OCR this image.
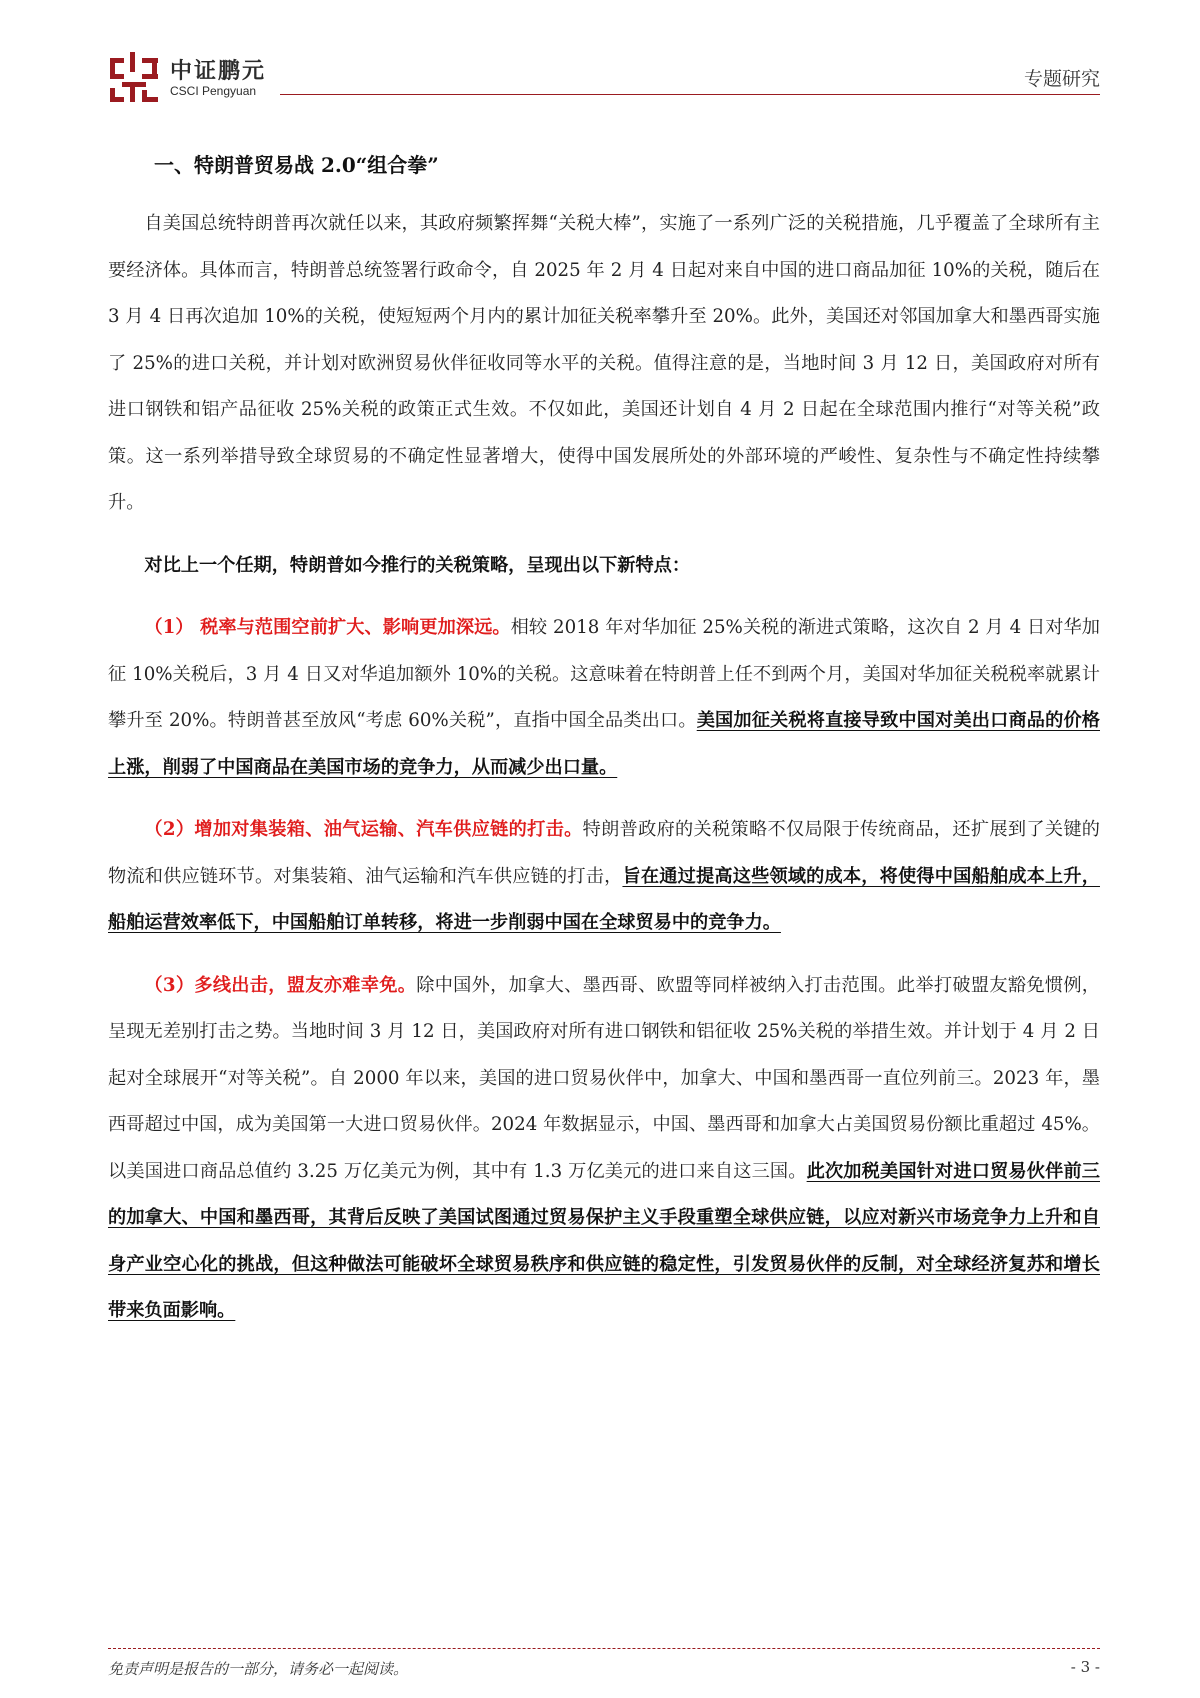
中证鹏元
CSCI Pengyuan
专题研究
一、特朗普贸易战 2.0“组合拳”

自美国总统特朗普再次就任以来，其政府频繁挥舞“关税大棒”，实施了一系列广泛的关税措施，几乎覆盖了全球所有主要经济体。具体而言，特朗普总统签署行政命令，自 2025 年 2 月 4 日起对来自中国的进口商品加征 10%的关税，随后在 3 月 4 日再次追加 10%的关税，使短短两个月内的累计加征关税率攀升至 20%。此外，美国还对邻国加拿大和墨西哥实施了 25%的进口关税，并计划对欧洲贸易伙伴征收同等水平的关税。值得注意的是，当地时间 3 月 12 日，美国政府对所有进口钢铁和铝产品征收 25%关税的政策正式生效。不仅如此，美国还计划自 4 月 2 日起在全球范围内推行“对等关税”政策。这一系列举措导致全球贸易的不确定性显著增大，使得中国发展所处的外部环境的严峻性、复杂性与不确定性持续攀升。

对比上一个任期，特朗普如今推行的关税策略，呈现出以下新特点：

（1） 税率与范围空前扩大、影响更加深远。相较 2018 年对华加征 25%关税的渐进式策略，这次自 2 月 4 日对华加征 10%关税后，3 月 4 日又对华追加额外 10%的关税。这意味着在特朗普上任不到两个月，美国对华加征关税税率就累计攀升至 20%。特朗普甚至放风“考虑 60%关税”，直指中国全品类出口。美国加征关税将直接导致中国对美出口商品的价格上涨，削弱了中国商品在美国市场的竞争力，从而减少出口量。

（2）增加对集装箱、油气运输、汽车供应链的打击。特朗普政府的关税策略不仅局限于传统商品，还扩展到了关键的物流和供应链环节。对集装箱、油气运输和汽车供应链的打击，旨在通过提高这些领域的成本，将使得中国船舶成本上升，船舶运营效率低下，中国船舶订单转移，将进一步削弱中国在全球贸易中的竞争力。

（3）多线出击，盟友亦难幸免。除中国外，加拿大、墨西哥、欧盟等同样被纳入打击范围。此举打破盟友豁免惯例，呈现无差别打击之势。当地时间 3 月 12 日，美国政府对所有进口钢铁和铝征收 25%关税的举措生效。并计划于 4 月 2 日起对全球展开“对等关税”。自 2000 年以来，美国的进口贸易伙伴中，加拿大、中国和墨西哥一直位列前三。2023 年，墨西哥超过中国，成为美国第一大进口贸易伙伴。2024 年数据显示，中国、墨西哥和加拿大占美国贸易份额比重超过 45%。以美国进口商品总值约 3.25 万亿美元为例，其中有 1.3 万亿美元的进口来自这三国。此次加税美国针对进口贸易伙伴前三的加拿大、中国和墨西哥，其背后反映了美国试图通过贸易保护主义手段重塑全球供应链，以应对新兴市场竞争力上升和自身产业空心化的挑战，但这种做法可能破坏全球贸易秩序和供应链的稳定性，引发贸易伙伴的反制，对全球经济复苏和增长带来负面影响。

免责声明是报告的一部分，请务必一起阅读。	- 3 -
